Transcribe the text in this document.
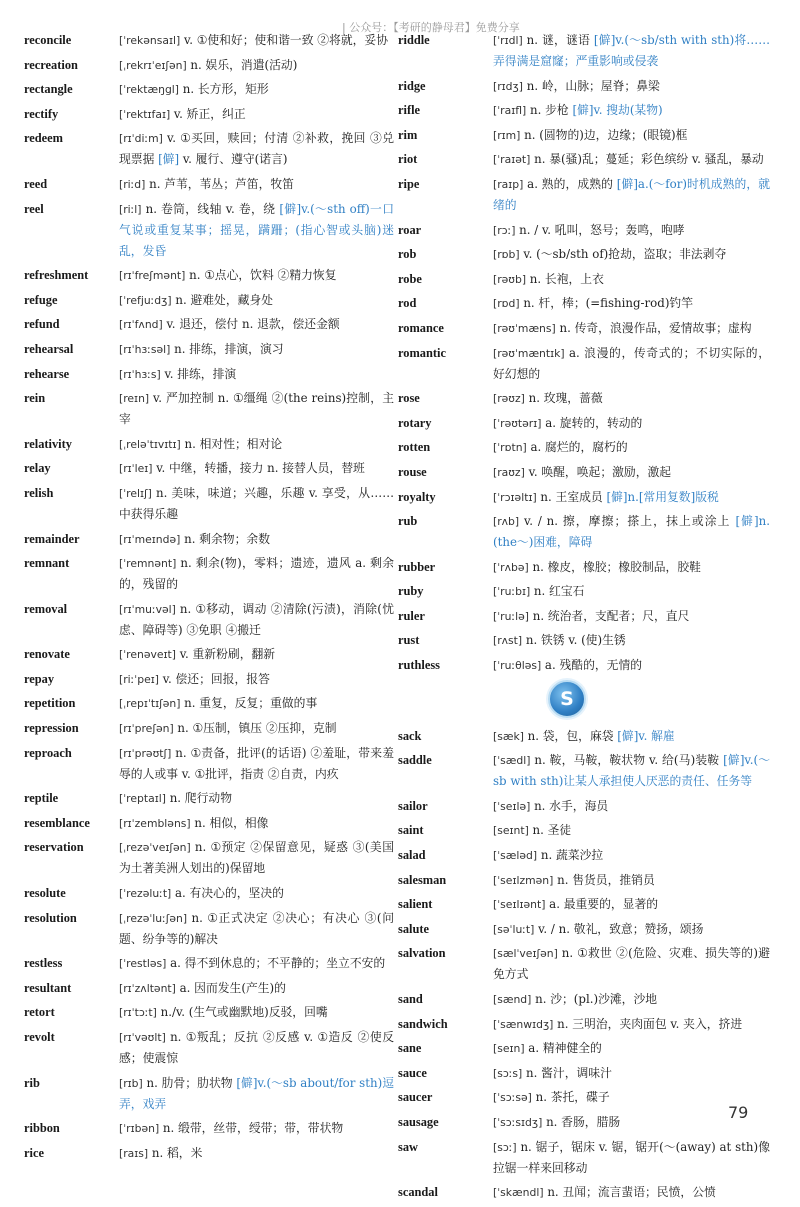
| 公众号：【考研的静母君】免费分享
reconcile	[ˈrekənsaɪl] v. ①使和好；使和谐一致 ②将就，妥协
recreation	[ˌrekrɪˈeɪʃən] n. 娱乐，消遣(活动)
rectangle	[ˈrektæŋgl] n. 长方形，矩形
rectify	[ˈrektɪfaɪ] v. 矫正，纠正
redeem	[rɪˈdiːm] v. ①买回，赎回；付清 ②补救，挽回 ③兑现票据 [僻] v. 履行、遵守(诺言)
reed	[riːd] n. 芦苇，苇丛；芦笛，牧笛
reel	[riːl] n. 卷筒，线轴 v. 卷，绕 [僻]v.(～sth off)一口气说或重复某事；摇晃，蹒跚；(指心智或头脑)迷乱，发昏
refreshment	[rɪˈfreʃmənt] n. ①点心，饮料 ②精力恢复
refuge	[ˈrefjuːdʒ] n. 避难处，藏身处
refund	[rɪˈfʌnd] v. 退还，偿付 n. 退款，偿还金额
rehearsal	[rɪˈhɜːsəl] n. 排练，排演，演习
rehearse	[rɪˈhɜːs] v. 排练，排演
rein	[reɪn] v. 严加控制 n. ①缰绳 ②(the reins)控制，主宰
relativity	[ˌreləˈtɪvɪtɪ] n. 相对性；相对论
relay	[rɪˈleɪ] v. 中继，转播，接力 n. 接替人员，替班
relish	[ˈrelɪʃ] n. 美味，味道；兴趣，乐趣 v. 享受，从……中获得乐趣
remainder	[rɪˈmeɪndə] n. 剩余物；余数
remnant	[ˈremnənt] n. 剩余(物)，零料；遗迹，遗风 a. 剩余的，残留的
removal	[rɪˈmuːvəl] n. ①移动，调动 ②清除(污渍)，消除(忧虑、障碍等) ③免职 ④搬迁
renovate	[ˈrenəveɪt] v. 重新粉刷，翻新
repay	[riːˈpeɪ] v. 偿还；回报，报答
repetition	[ˌrepɪˈtɪʃən] n. 重复，反复；重做的事
repression	[rɪˈpreʃən] n. ①压制，镇压 ②压抑，克制
reproach	[rɪˈprəʊtʃ] n. ①责备，批评(的话语) ②羞耻，带来羞辱的人或事 v. ①批评，指责 ②自责，内疚
reptile	[ˈreptaɪl] n. 爬行动物
resemblance	[rɪˈzembləns] n. 相似，相像
reservation	[ˌrezəˈveɪʃən] n. ①预定 ②保留意见，疑惑 ③(美国为土著美洲人划出的)保留地
resolute	[ˈrezəluːt] a. 有决心的，坚决的
resolution	[ˌrezəˈluːʃən] n. ①正式决定 ②决心；有决心 ③(问题、纷争等的)解决
restless	[ˈrestləs] a. 得不到休息的；不平静的；坐立不安的
resultant	[rɪˈzʌltənt] a. 因而发生(产生)的
retort	[rɪˈtɔːt] n./v. (生气或幽默地)反驳，回嘴
revolt	[rɪˈvəʊlt] n. ①叛乱；反抗 ②反感 v. ①造反 ②使反感；使震惊
rib	[rɪb] n. 肋骨；肋状物 [僻]v.(～sb about/for sth)逗弄，戏弄
ribbon	[ˈrɪbən] n. 缎带，丝带，绶带；带，带状物
rice	[raɪs] n. 稻，米
riddle	[ˈrɪdl] n. 谜，谜语 [僻]v.(～sb/sth with sth)将……弄得满是窟窿；严重影响或侵袭
ridge	[rɪdʒ] n. 岭，山脉；屋脊；鼻梁
rifle	[ˈraɪfl] n. 步枪 [僻]v. 搜劫(某物)
rim	[rɪm] n. (圆物的)边，边缘；(眼镜)框
riot	[ˈraɪət] n. 暴(骚)乱；蔓延；彩色缤纷 v. 骚乱，暴动
ripe	[raɪp] a. 熟的，成熟的 [僻]a.(～for)时机成熟的，就绪的
roar	[rɔː] n. / v. 吼叫，怒号；轰鸣，咆哮
rob	[rɒb] v. (～sb/sth of)抢劫，盗取；非法剥夺
robe	[rəʊb] n. 长袍，上衣
rod	[rɒd] n. 杆，棒；(=fishing-rod)钓竿
romance	[rəʊˈmæns] n. 传奇，浪漫作品，爱情故事；虚构
romantic	[rəʊˈmæntɪk] a. 浪漫的，传奇式的；不切实际的，好幻想的
rose	[rəʊz] n. 玫瑰，蔷薇
rotary	[ˈrəʊtərɪ] a. 旋转的，转动的
rotten	[ˈrɒtn] a. 腐烂的，腐朽的
rouse	[raʊz] v. 唤醒，唤起；激励，激起
royalty	[ˈrɔɪəltɪ] n. 王室成员 [僻]n.[常用复数]版税
rub	[rʌb] v. / n. 擦，摩擦；搽上，抹上或涂上 [僻]n.(the～)困难，障碍
rubber	[ˈrʌbə] n. 橡皮，橡胶；橡胶制品，胶鞋
ruby	[ˈruːbɪ] n. 红宝石
ruler	[ˈruːlə] n. 统治者，支配者；尺，直尺
rust	[rʌst] n. 铁锈 v. (使)生锈
ruthless	[ˈruːθləs] a. 残酷的，无情的
S
sack	[sæk] n. 袋，包，麻袋 [僻]v. 解雇
saddle	[ˈsædl] n. 鞍，马鞍，鞍状物 v. 给(马)装鞍 [僻]v.(～sb with sth)让某人承担使人厌恶的责任、任务等
sailor	[ˈseɪlə] n. 水手，海员
saint	[seɪnt] n. 圣徒
salad	[ˈsæləd] n. 蔬菜沙拉
salesman	[ˈseɪlzmən] n. 售货员，推销员
salient	[ˈseɪlɪənt] a. 最重要的，显著的
salute	[səˈluːt] v. / n. 敬礼，致意；赞扬，颂扬
salvation	[sælˈveɪʃən] n. ①救世 ②(危险、灾难、损失等的)避免方式
sand	[sænd] n. 沙；(pl.)沙滩，沙地
sandwich	[ˈsænwɪdʒ] n. 三明治，夹肉面包 v. 夹入，挤进
sane	[seɪn] a. 精神健全的
sauce	[sɔːs] n. 酱汁，调味汁
saucer	[ˈsɔːsə] n. 茶托，碟子
sausage	[ˈsɔːsɪdʒ] n. 香肠，腊肠
saw	[sɔː] n. 锯子，锯床 v. 锯，锯开(～(away) at sth)像拉锯一样来回移动
scandal	[ˈskændl] n. 丑闻；流言蜚语；民愤，公愤
79
